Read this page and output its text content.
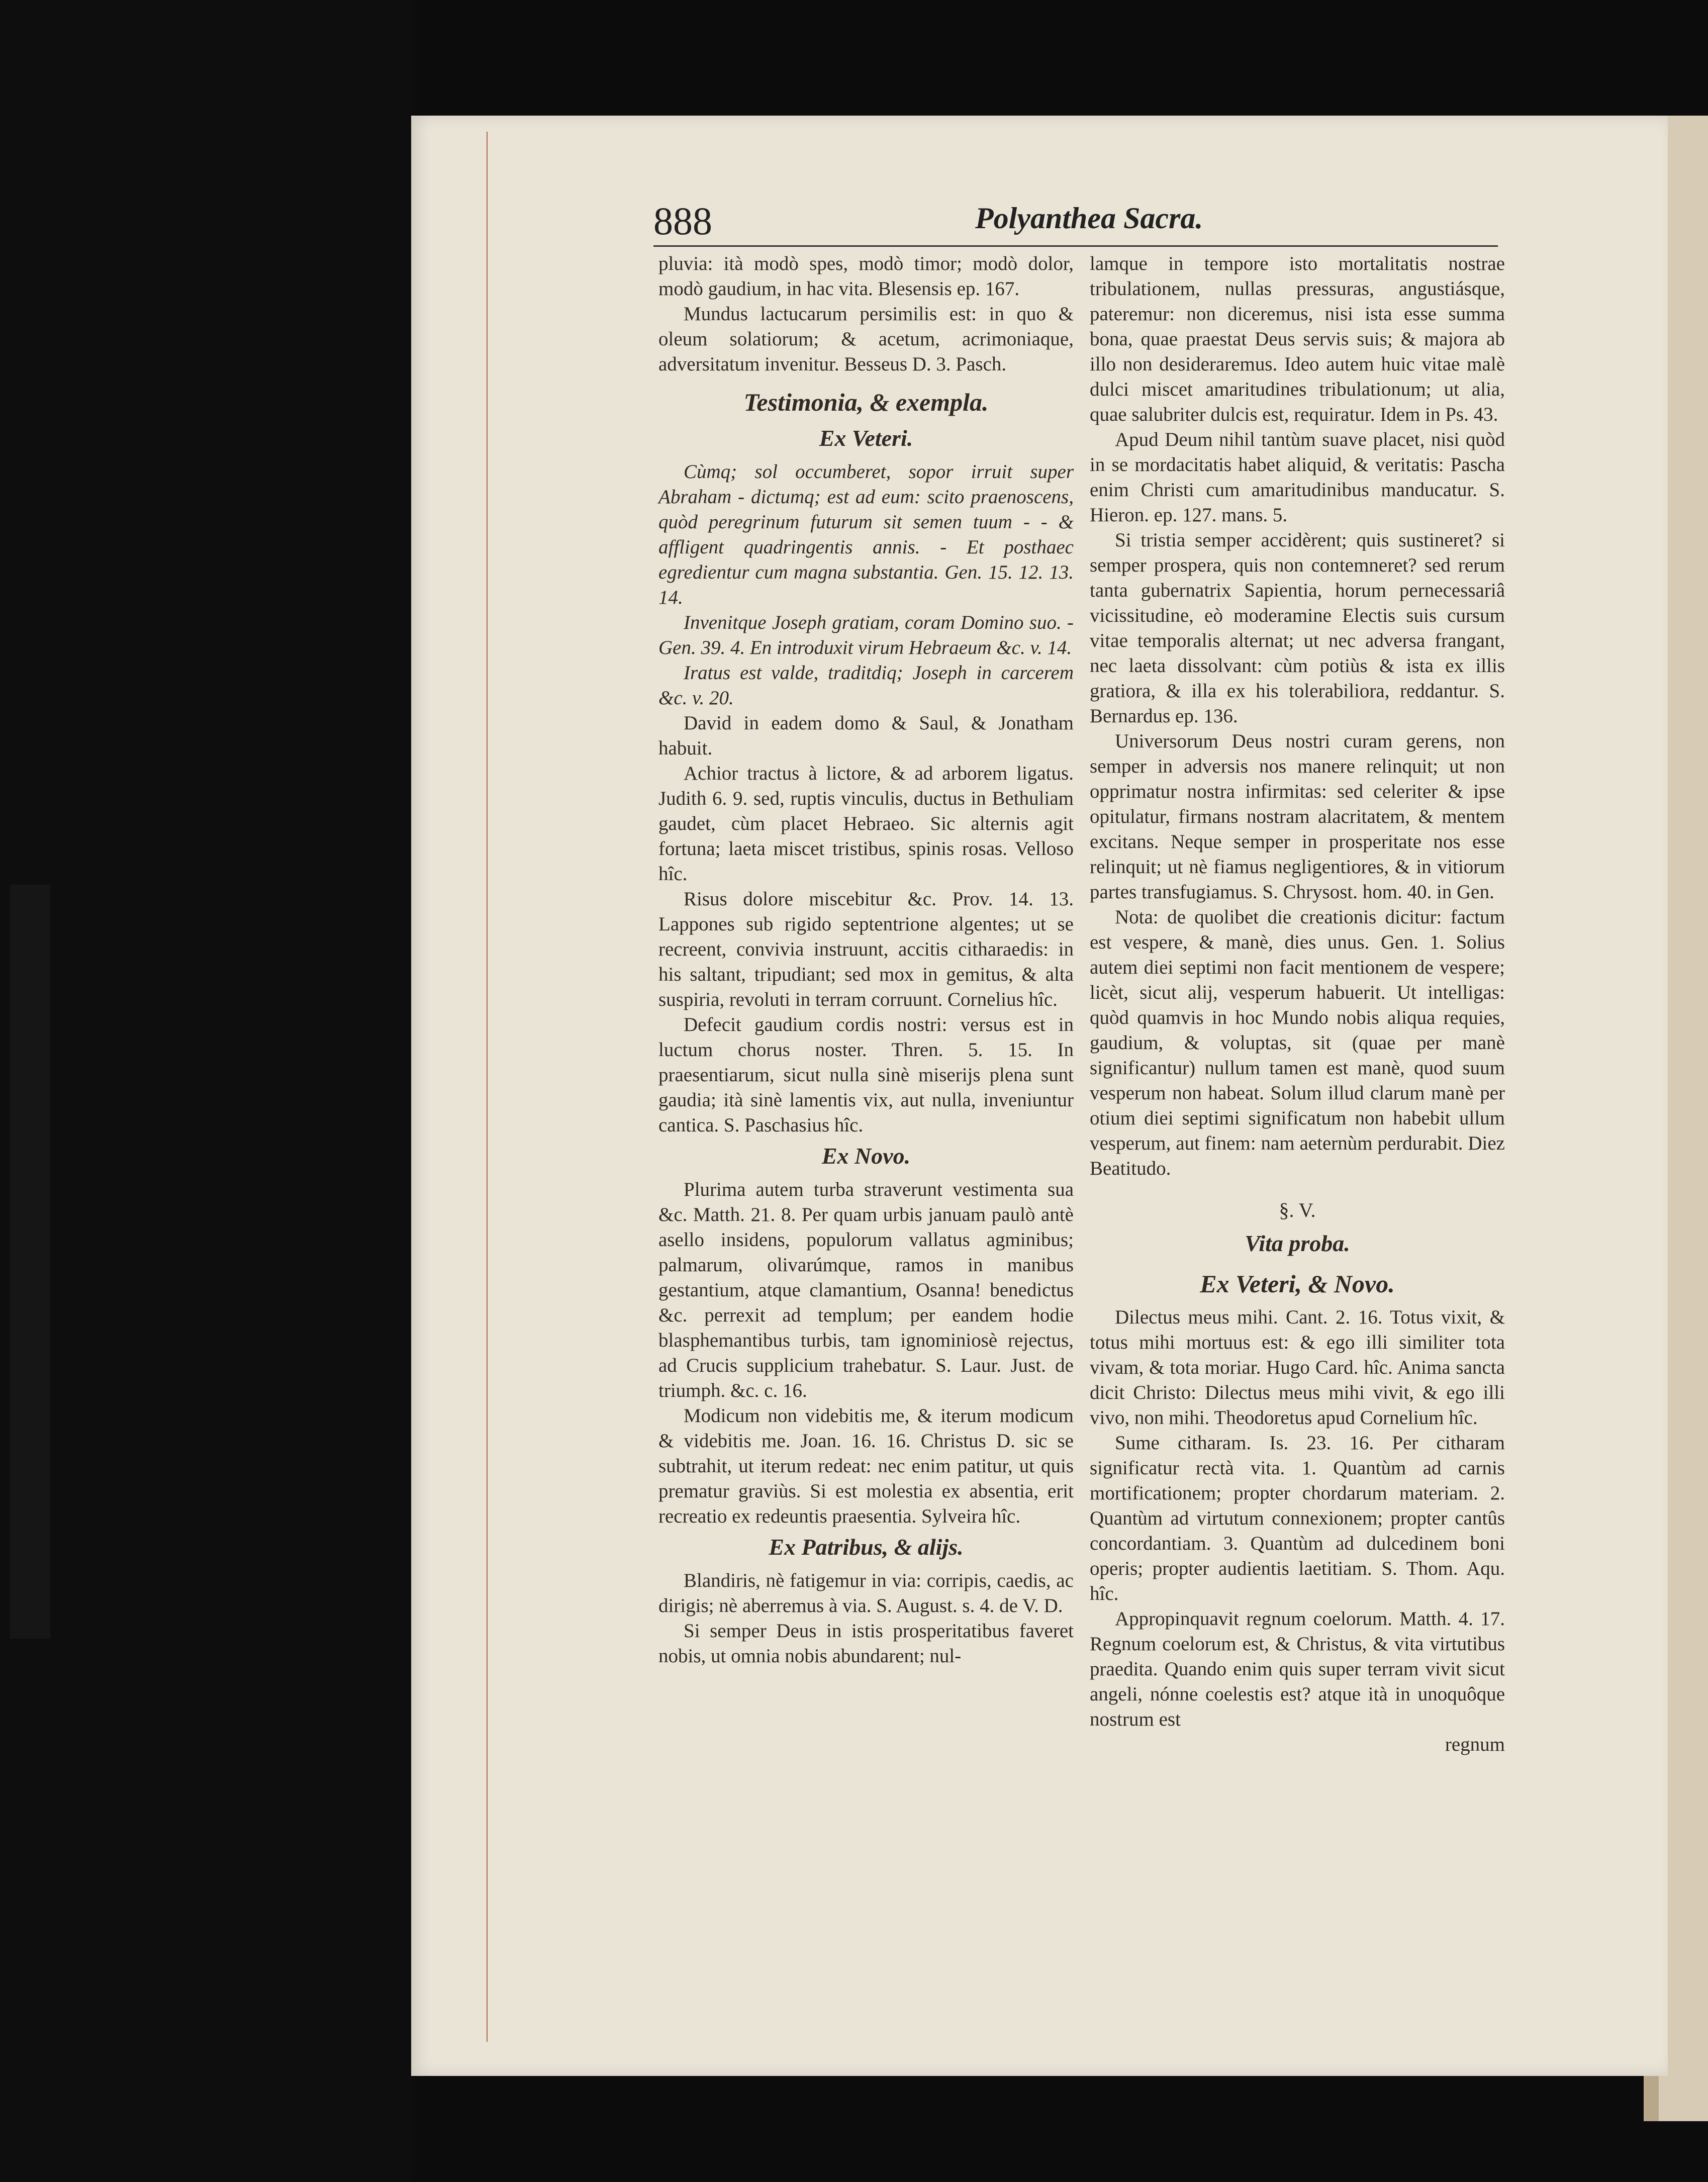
888	Polyanthea Sacra.

pluvia: ità modò spes, modò timor; modò dolor, modò gaudium, in hac vita. Blesensis ep. 167.

Mundus lactucarum persimilis est: in quo & oleum solatiorum; & acetum, acrimoniaque, adversitatum invenitur. Besseus D. 3. Pasch.

Testimonia, & exempla.
Ex Veteri.

Cùmq; sol occumberet, sopor irruit super Abraham - dictumq; est ad eum: scito praenoscens, quòd peregrinum futurum sit semen tuum - - & affligent quadringentis annis. - Et posthaec egredientur cum magna substantia. Gen. 15. 12. 13. 14.

Invenitque Joseph gratiam, coram Domino suo. - Gen. 39. 4. En introduxit virum Hebraeum &c. v. 14.

Iratus est valde, traditdiq; Joseph in carcerem &c. v. 20.

David in eadem domo & Saul, & Jonatham habuit.

Achior tractus à lictore, & ad arborem ligatus. Judith 6. 9. sed, ruptis vinculis, ductus in Bethuliam gaudet, cùm placet Hebraeo. Sic alternis agit fortuna; laeta miscet tristibus, spinis rosas. Velloso hîc.

Risus dolore miscebitur &c. Prov. 14. 13. Lappones sub rigido septentrione algentes; ut se recreent, convivia instruunt, accitis citharaedis: in his saltant, tripudiant; sed mox in gemitus, & alta suspiria, revoluti in terram corruunt. Cornelius hîc.

Defecit gaudium cordis nostri: versus est in luctum chorus noster. Thren. 5. 15. In praesentiarum, sicut nulla sinè miserijs plena sunt gaudia; ità sinè lamentis vix, aut nulla, inveniuntur cantica. S. Paschasius hîc.

Ex Novo.

Plurima autem turba straverunt vestimenta sua &c. Matth. 21. 8. Per quam urbis januam paulò antè asello insidens, populorum vallatus agminibus; palmarum, olivarúmque, ramos in manibus gestantium, atque clamantium, Osanna! benedictus &c. perrexit ad templum; per eandem hodie blasphemantibus turbis, tam ignominiosè rejectus, ad Crucis supplicium trahebatur. S. Laur. Just. de triumph. &c. c. 16.

Modicum non videbitis me, & iterum modicum & videbitis me. Joan. 16. 16. Christus D. sic se subtrahit, ut iterum redeat: nec enim patitur, ut quis prematur graviùs. Si est molestia ex absentia, erit recreatio ex redeuntis praesentia. Sylveira hîc.

Ex Patribus, & alijs.

Blandiris, nè fatigemur in via: corripis, caedis, ac dirigis; nè aberremus à via. S. August. s. 4. de V. D.

Si semper Deus in istis prosperitatibus faveret nobis, ut omnia nobis abundarent; nul-

lamque in tempore isto mortalitatis nostrae tribulationem, nullas pressuras, angustiásque, pateremur: non diceremus, nisi ista esse summa bona, quae praestat Deus servis suis; & majora ab illo non desideraremus. Ideo autem huic vitae malè dulci miscet amaritudines tribulationum; ut alia, quae salubriter dulcis est, requiratur. Idem in Ps. 43.

Apud Deum nihil tantùm suave placet, nisi quòd in se mordacitatis habet aliquid, & veritatis: Pascha enim Christi cum amaritudinibus manducatur. S. Hieron. ep. 127. mans. 5.

Si tristia semper accidèrent; quis sustineret? si semper prospera, quis non contemneret? sed rerum tanta gubernatrix Sapientia, horum pernecessariâ vicissitudine, eò moderamine Electis suis cursum vitae temporalis alternat; ut nec adversa frangant, nec laeta dissolvant: cùm potiùs & ista ex illis gratiora, & illa ex his tolerabiliora, reddantur. S. Bernardus ep. 136.

Universorum Deus nostri curam gerens, non semper in adversis nos manere relinquit; ut non opprimatur nostra infirmitas: sed celeriter & ipse opitulatur, firmans nostram alacritatem, & mentem excitans. Neque semper in prosperitate nos esse relinquit; ut nè fiamus negligentiores, & in vitiorum partes transfugiamus. S. Chrysost. hom. 40. in Gen.

Nota: de quolibet die creationis dicitur: factum est vespere, & manè, dies unus. Gen. 1. Solius autem diei septimi non facit mentionem de vespere; licèt, sicut alij, vesperum habuerit. Ut intelligas: quòd quamvis in hoc Mundo nobis aliqua requies, gaudium, & voluptas, sit (quae per manè significantur) nullum tamen est manè, quod suum vesperum non habeat. Solum illud clarum manè per otium diei septimi significatum non habebit ullum vesperum, aut finem: nam aeternùm perdurabit. Diez Beatitudo.

§. V.
Vita proba.
Ex Veteri, & Novo.

Dilectus meus mihi. Cant. 2. 16. Totus vixit, & totus mihi mortuus est: & ego illi similiter tota vivam, & tota moriar. Hugo Card. hîc. Anima sancta dicit Christo: Dilectus meus mihi vivit, & ego illi vivo, non mihi. Theodoretus apud Cornelium hîc.

Sume citharam. Is. 23. 16. Per citharam significatur rectà vita. 1. Quantùm ad carnis mortificationem; propter chordarum materiam. 2. Quantùm ad virtutum connexionem; propter cantûs concordantiam. 3. Quantùm ad dulcedinem boni operis; propter audientis laetitiam. S. Thom. Aqu. hîc.

Appropinquavit regnum coelorum. Matth. 4. 17. Regnum coelorum est, & Christus, & vita virtutibus praedita. Quando enim quis super terram vivit sicut angeli, nónne coelestis est? atque ità in unoquôque nostrum est

regnum
